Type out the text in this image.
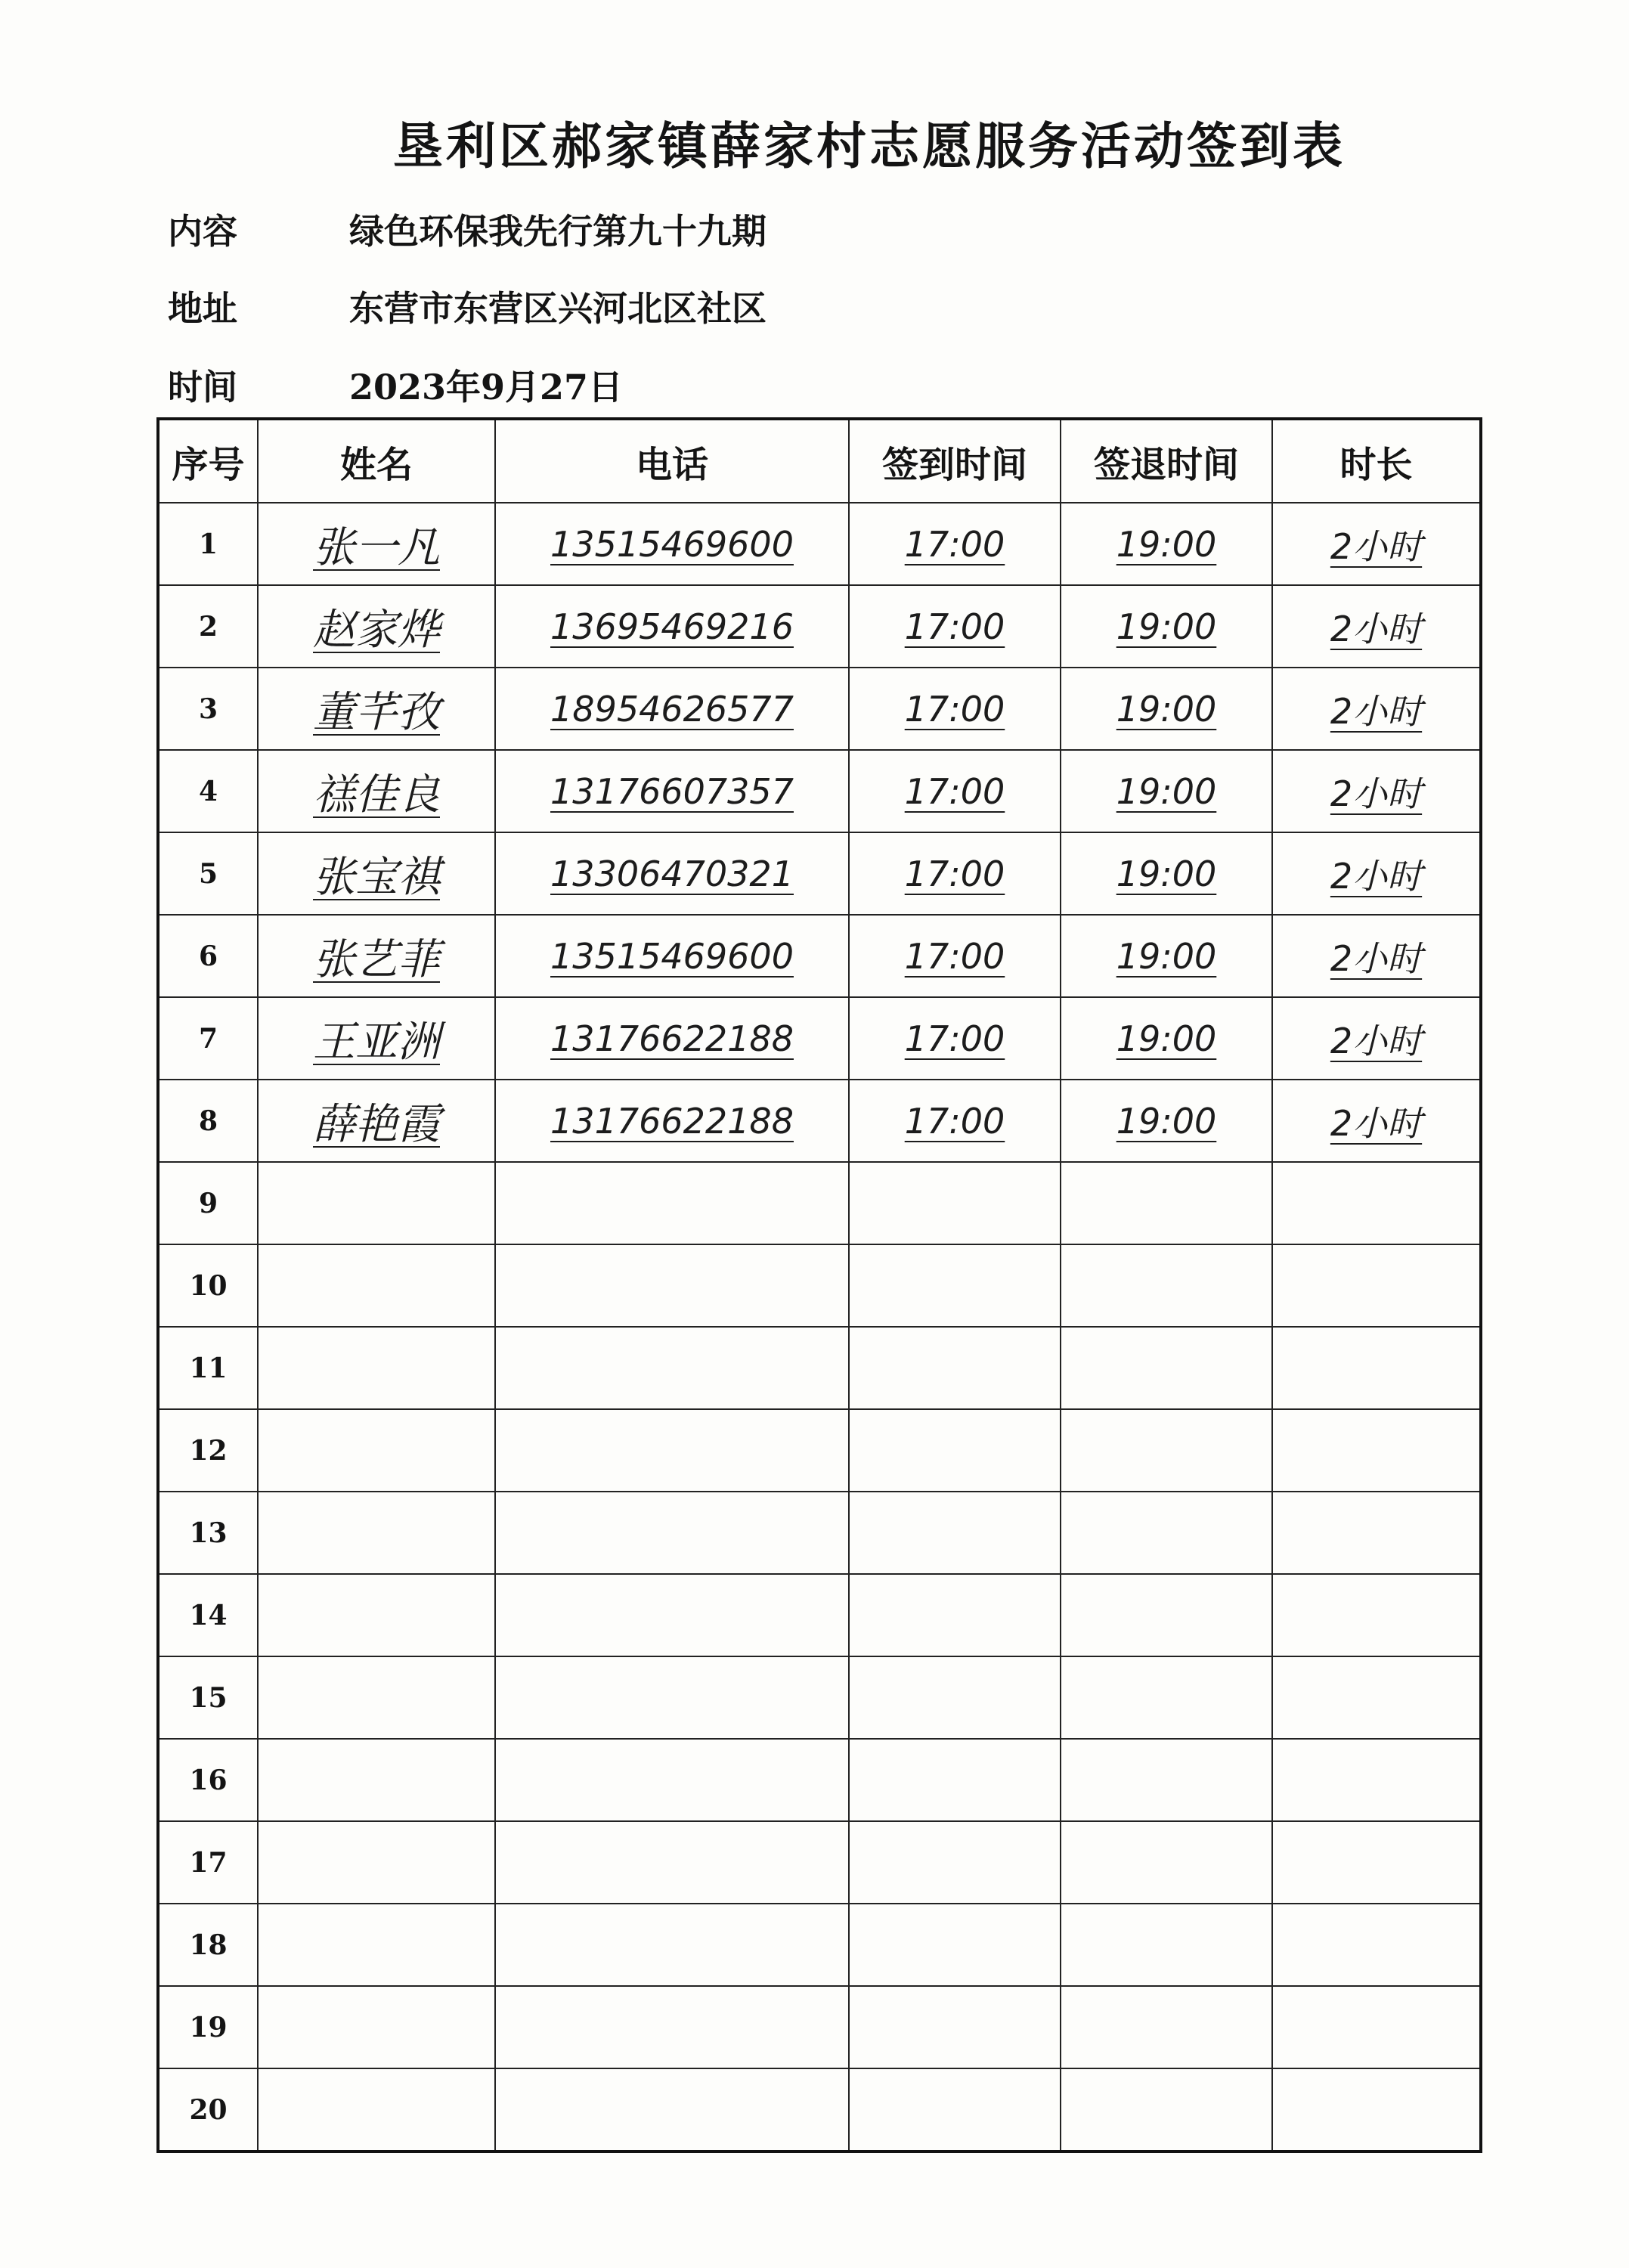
垦利区郝家镇薛家村志愿服务活动签到表
内容	绿色环保我先行第九十九期
地址	东营市东营区兴河北区社区
时间	2023年9月27日
序号	姓名	电话	签到时间	签退时间	时长
1	张一凡	13515469600	17:00	19:00	2小时
2	赵家烨	13695469216	17:00	19:00	2小时
3	董芊孜	18954626577	17:00	19:00	2小时
4	禚佳良	13176607357	17:00	19:00	2小时
5	张宝祺	13306470321	17:00	19:00	2小时
6	张艺菲	13515469600	17:00	19:00	2小时
7	王亚洲	13176622188	17:00	19:00	2小时
8	薛艳霞	13176622188	17:00	19:00	2小时
9					
10					
11					
12					
13					
14					
15					
16					
17					
18					
19					
20					
